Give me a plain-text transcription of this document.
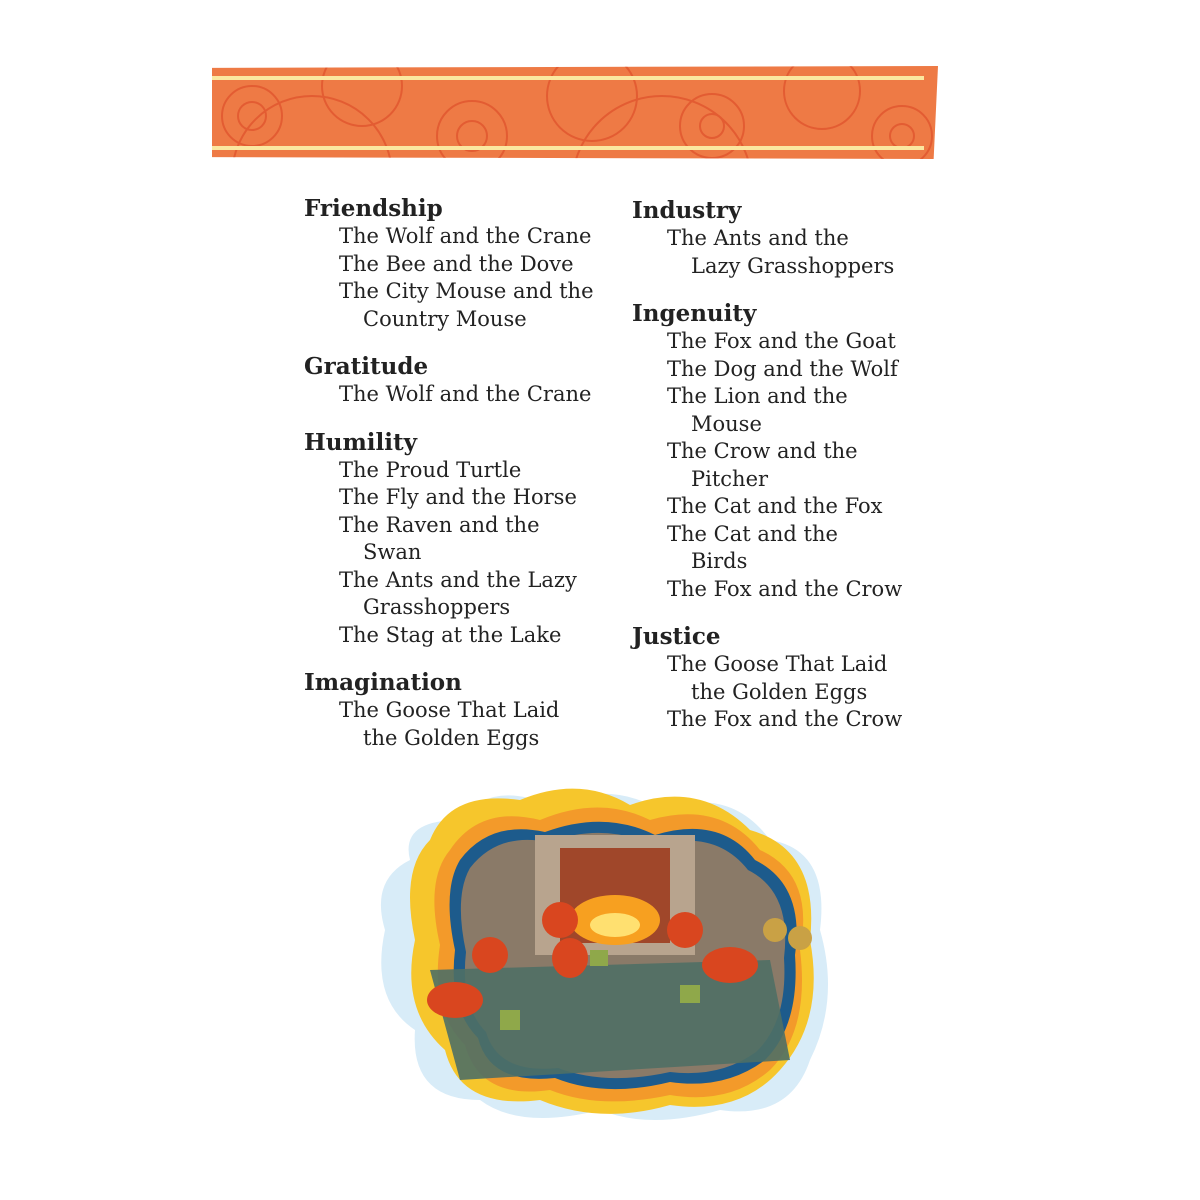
Friendship
The Wolf and the Crane
The Bee and the Dove
The City Mouse and the
Country Mouse
Gratitude
The Wolf and the Crane
Humility
The Proud Turtle
The Fly and the Horse
The Raven and the
Swan
The Ants and the Lazy
Grasshoppers
The Stag at the Lake
Imagination
The Goose That Laid
the Golden Eggs
Industry
The Ants and the
Lazy Grasshoppers
Ingenuity
The Fox and the Goat
The Dog and the Wolf
The Lion and the
Mouse
The Crow and the
Pitcher
The Cat and the Fox
The Cat and the
Birds
The Fox and the Crow
Justice
The Goose That Laid
the Golden Eggs
The Fox and the Crow
